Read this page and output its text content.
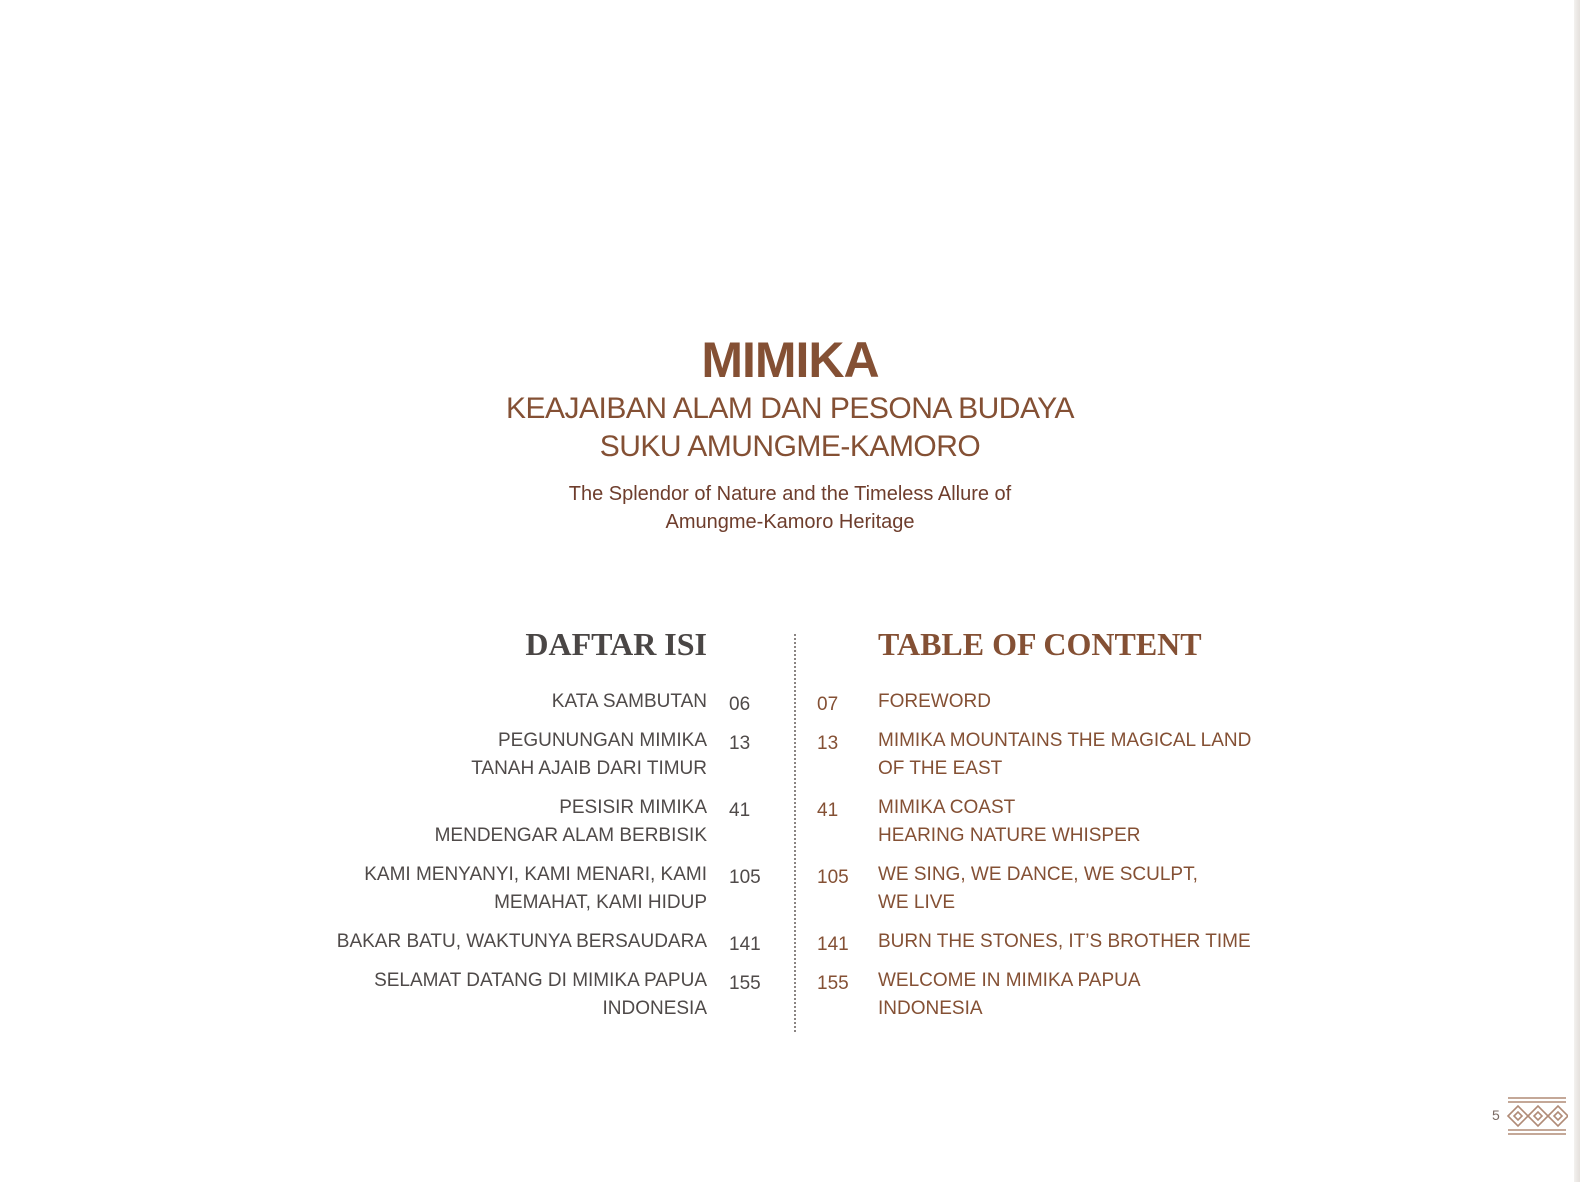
MIMIKA
KEAJAIBAN ALAM DAN PESONA BUDAYA
SUKU AMUNGME-KAMORO
The Splendor of Nature and the Timeless Allure of
Amungme-Kamoro Heritage
DAFTAR ISI	TABLE OF CONTENT
KATA SAMBUTAN	06
PEGUNUNGAN MIMIKA
TANAH AJAIB DARI TIMUR
13
PESISIR MIMIKA
MENDENGAR ALAM BERBISIK
41
KAMI MENYANYI, KAMI MENARI, KAMI
MEMAHAT, KAMI HIDUP
105
BAKAR BATU, WAKTUNYA BERSAUDARA	141
SELAMAT DATANG DI MIMIKA PAPUA
INDONESIA
155
07	FOREWORD
13	MIMIKA MOUNTAINS THE MAGICAL LAND
OF THE EAST
41	MIMIKA COAST
HEARING NATURE WHISPER
105	WE SING, WE DANCE, WE SCULPT,
WE LIVE
141	BURN THE STONES, IT’S BROTHER TIME
155	WELCOME IN MIMIKA PAPUA
INDONESIA
5
